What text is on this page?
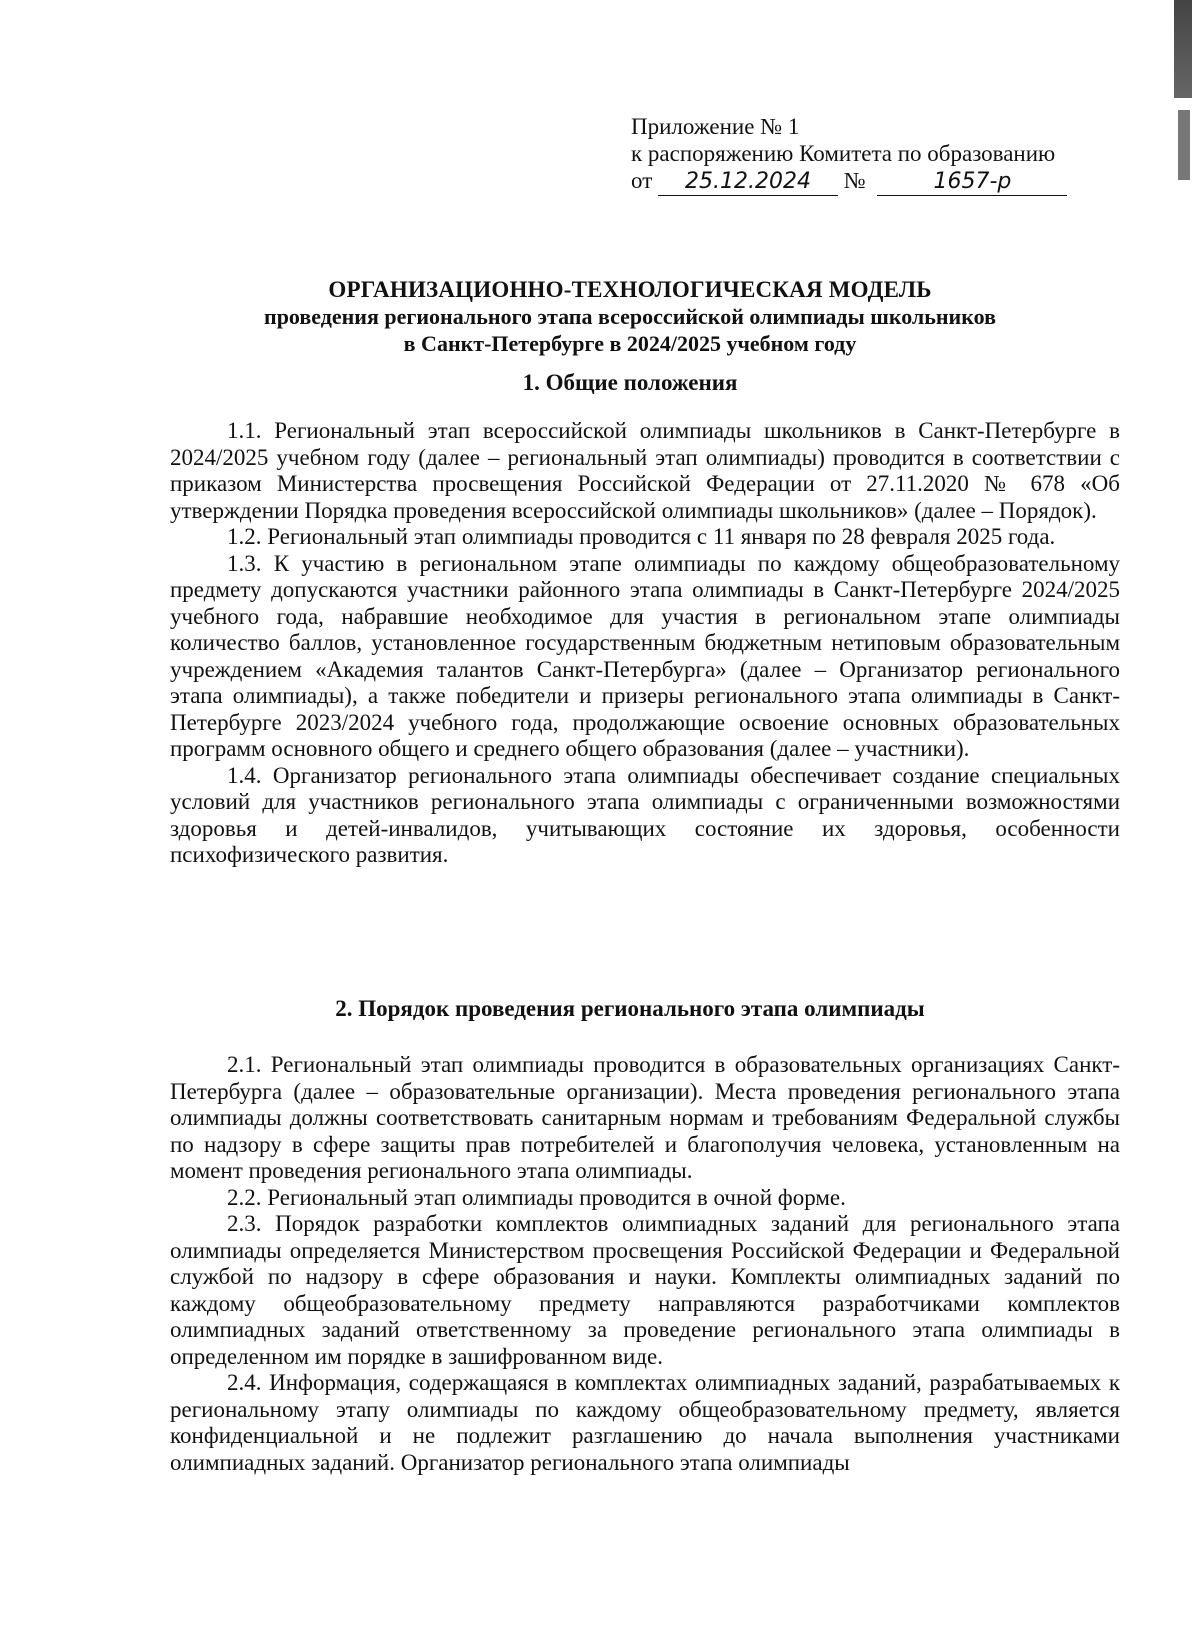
Приложение № 1
к распоряжению Комитета по образованию
от 25.12.2024 №	1657-р
ОРГАНИЗАЦИОННО-ТЕХНОЛОГИЧЕСКАЯ МОДЕЛЬ
проведения регионального этапа всероссийской олимпиады школьников
в Санкт-Петербурге в 2024/2025 учебном году
1. Общие положения

1.1. Региональный этап всероссийской олимпиады школьников в Санкт-Петербурге в 2024/2025 учебном году (далее – региональный этап олимпиады) проводится в соответствии с приказом Министерства просвещения Российской Федерации от 27.11.2020 № 678 «Об утверждении Порядка проведения всероссийской олимпиады школьников» (далее – Порядок).

1.2. Региональный этап олимпиады проводится с 11 января по 28 февраля 2025 года.

1.3. К участию в региональном этапе олимпиады по каждому общеобразовательному предмету допускаются участники районного этапа олимпиады в Санкт-Петербурге 2024/2025 учебного года, набравшие необходимое для участия в региональном этапе олимпиады количество баллов, установленное государственным бюджетным нетиповым образовательным учреждением «Академия талантов Санкт-Петербурга» (далее – Организатор регионального этапа олимпиады), а также победители и призеры регионального этапа олимпиады в Санкт-Петербурге 2023/2024 учебного года, продолжающие освоение основных образовательных программ основного общего и среднего общего образования (далее – участники).

1.4. Организатор регионального этапа олимпиады обеспечивает создание специальных условий для участников регионального этапа олимпиады с ограниченными возможностями здоровья и детей-инвалидов, учитывающих состояние их здоровья, особенности психофизического развития.

2. Порядок проведения регионального этапа олимпиады

2.1. Региональный этап олимпиады проводится в образовательных организациях Санкт-Петербурга (далее – образовательные организации). Места проведения регионального этапа олимпиады должны соответствовать санитарным нормам и требованиям Федеральной службы по надзору в сфере защиты прав потребителей и благополучия человека, установленным на момент проведения регионального этапа олимпиады.

2.2. Региональный этап олимпиады проводится в очной форме.

2.3. Порядок разработки комплектов олимпиадных заданий для регионального этапа олимпиады определяется Министерством просвещения Российской Федерации и Федеральной службой по надзору в сфере образования и науки. Комплекты олимпиадных заданий по каждому общеобразовательному предмету направляются разработчиками комплектов олимпиадных заданий ответственному за проведение регионального этапа олимпиады в определенном им порядке в зашифрованном виде.

2.4. Информация, содержащаяся в комплектах олимпиадных заданий, разрабатываемых к региональному этапу олимпиады по каждому общеобразовательному предмету, является конфиденциальной и не подлежит разглашению до начала выполнения участниками олимпиадных заданий. Организатор регионального этапа олимпиады
